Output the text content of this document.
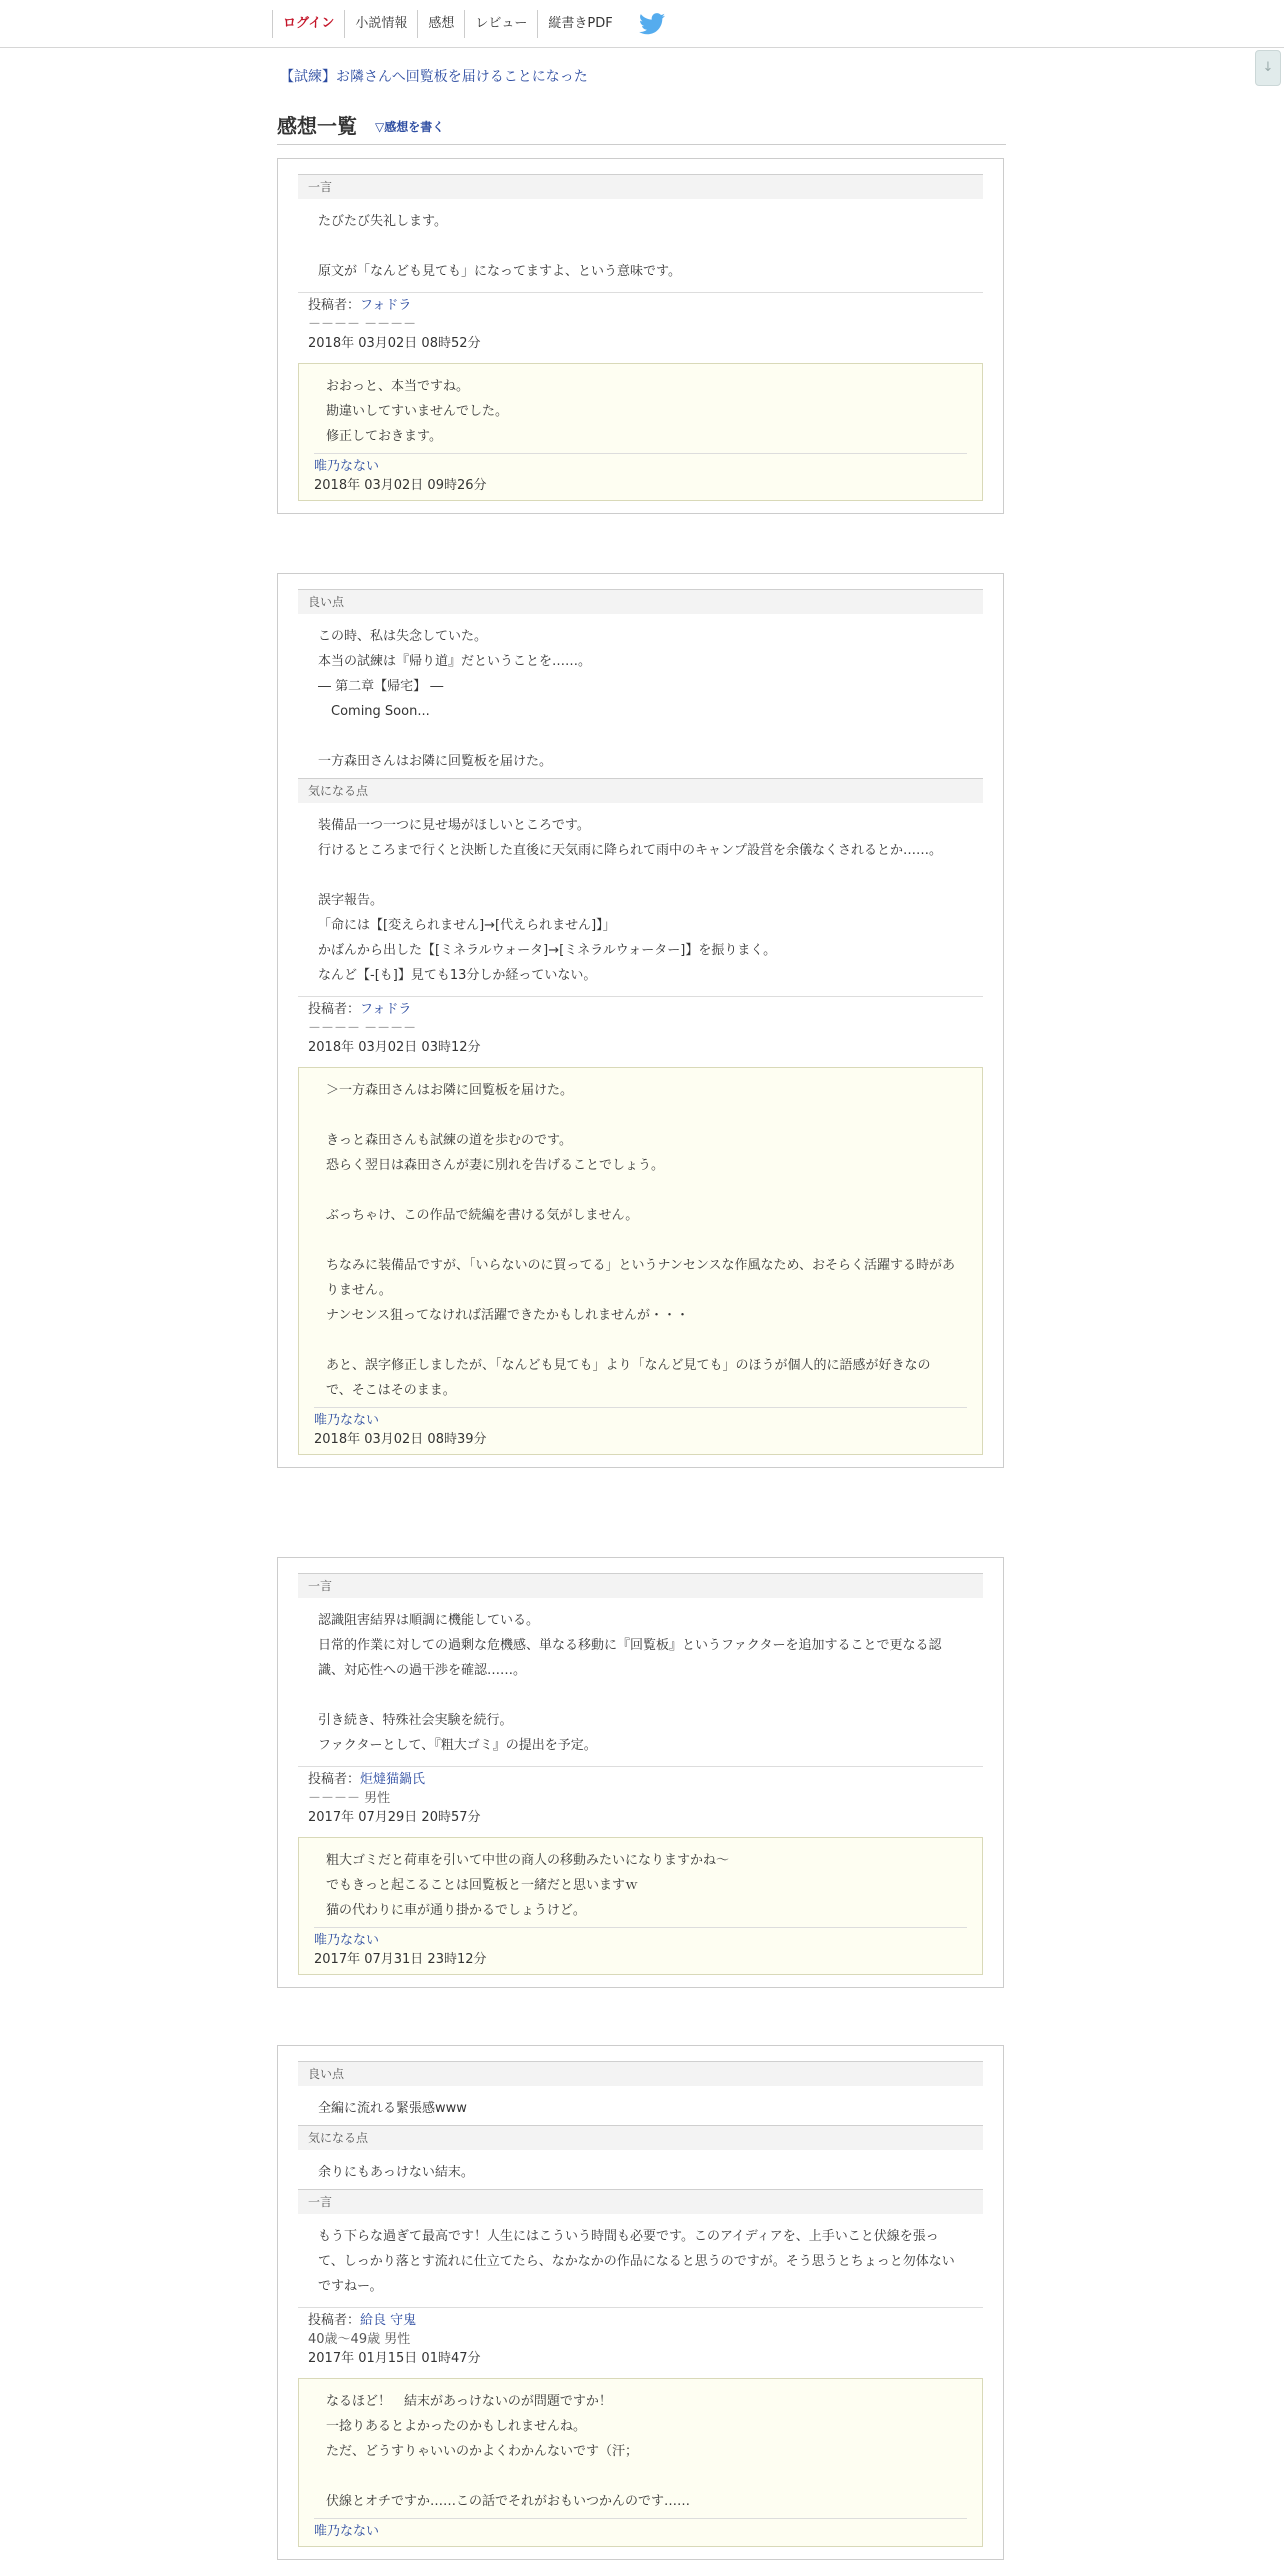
ログイン	小説情報	感想	レビュー	縦書きPDF
↓
【試練】お隣さんへ回覧板を届けることになった
感想一覧 ▽感想を書く
一言
たびたび失礼します。
原文が「なんども見ても」になってますよ、という意味です。
投稿者：フォドラ
－－－－ －－－－
2018年 03月02日 08時52分
おおっと、本当ですね。
勘違いしてすいませんでした。
修正しておきます。
唯乃なない
2018年 03月02日 09時26分
良い点
この時、私は失念していた。
本当の試練は『帰り道』だということを……。
― 第二章【帰宅】 ―
　Coming Soon...
一方森田さんはお隣に回覧板を届けた。
気になる点
装備品一つ一つに見せ場がほしいところです。
行けるところまで行くと決断した直後に天気雨に降られて雨中のキャンプ設営を余儀なくされるとか……。
誤字報告。
「命には【[変えられません]→[代えられません]】」
かばんから出した【[ミネラルウォータ]→[ミネラルウォーター]】を振りまく。
なんど【-[も]】見ても13分しか経っていない。
投稿者：フォドラ
－－－－ －－－－
2018年 03月02日 03時12分
＞一方森田さんはお隣に回覧板を届けた。
きっと森田さんも試練の道を歩むのです。
恐らく翌日は森田さんが妻に別れを告げることでしょう。
ぶっちゃけ、この作品で続編を書ける気がしません。
ちなみに装備品ですが、「いらないのに買ってる」というナンセンスな作風なため、おそらく活躍する時がありません。
ナンセンス狙ってなければ活躍できたかもしれませんが・・・
あと、誤字修正しましたが、「なんども見ても」より「なんど見ても」のほうが個人的に語感が好きなので、そこはそのまま。
唯乃なない
2018年 03月02日 08時39分
一言
認識阻害結界は順調に機能している。
日常的作業に対しての過剰な危機感、単なる移動に『回覧板』というファクターを追加することで更なる認識、対応性への過干渉を確認……。
引き続き、特殊社会実験を続行。
ファクターとして、『粗大ゴミ』の提出を予定。
投稿者：炬燵猫鍋氏
－－－－ 男性
2017年 07月29日 20時57分
粗大ゴミだと荷車を引いて中世の商人の移動みたいになりますかね～
でもきっと起こることは回覧板と一緒だと思いますｗ
猫の代わりに車が通り掛かるでしょうけど。
唯乃なない
2017年 07月31日 23時12分
良い点
全編に流れる緊張感www
気になる点
余りにもあっけない結末。
一言
もう下らな過ぎて最高です！人生にはこういう時間も必要です。このアイディアを、上手いこと伏線を張って、しっかり落とす流れに仕立てたら、なかなかの作品になると思うのですが。そう思うとちょっと勿体ないですねー。
投稿者：給良 守鬼
40歳～49歳 男性
2017年 01月15日 01時47分
なるほど！　結末があっけないのが問題ですか！
一捻りあるとよかったのかもしれませんね。
ただ、どうすりゃいいのかよくわかんないです（汗；
伏線とオチですか……この話でそれがおもいつかんのです……
唯乃なない
